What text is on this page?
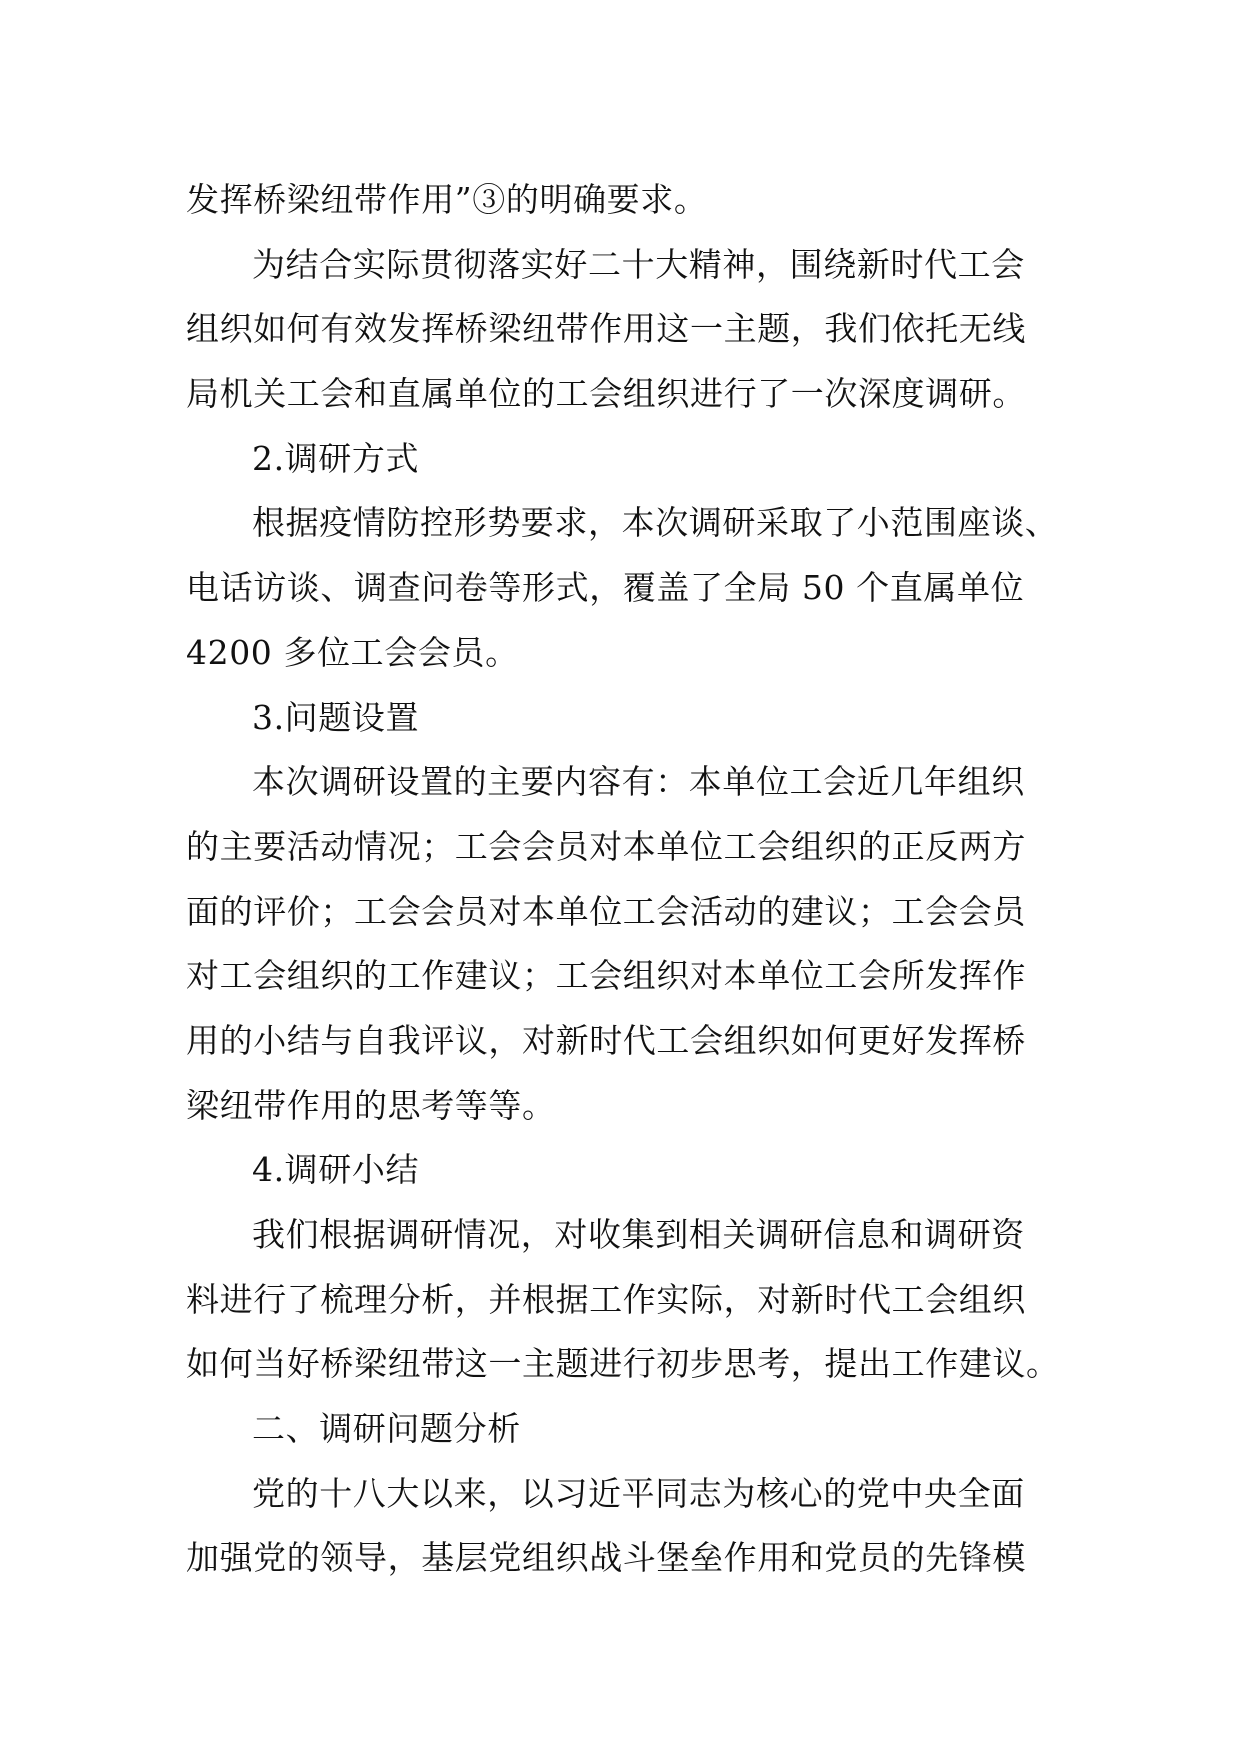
发挥桥梁纽带作用”③的明确要求。
为结合实际贯彻落实好二十大精神，围绕新时代工会
组织如何有效发挥桥梁纽带作用这一主题，我们依托无线
局机关工会和直属单位的工会组织进行了一次深度调研。
2.调研方式
根据疫情防控形势要求，本次调研采取了小范围座谈、
电话访谈、调查问卷等形式，覆盖了全局 50 个直属单位
4200 多位工会会员。
3.问题设置
本次调研设置的主要内容有：本单位工会近几年组织
的主要活动情况；工会会员对本单位工会组织的正反两方
面的评价；工会会员对本单位工会活动的建议；工会会员
对工会组织的工作建议；工会组织对本单位工会所发挥作
用的小结与自我评议，对新时代工会组织如何更好发挥桥
梁纽带作用的思考等等。
4.调研小结
我们根据调研情况，对收集到相关调研信息和调研资
料进行了梳理分析，并根据工作实际，对新时代工会组织
如何当好桥梁纽带这一主题进行初步思考，提出工作建议。
二、调研问题分析
党的十八大以来，以习近平同志为核心的党中央全面
加强党的领导，基层党组织战斗堡垒作用和党员的先锋模
